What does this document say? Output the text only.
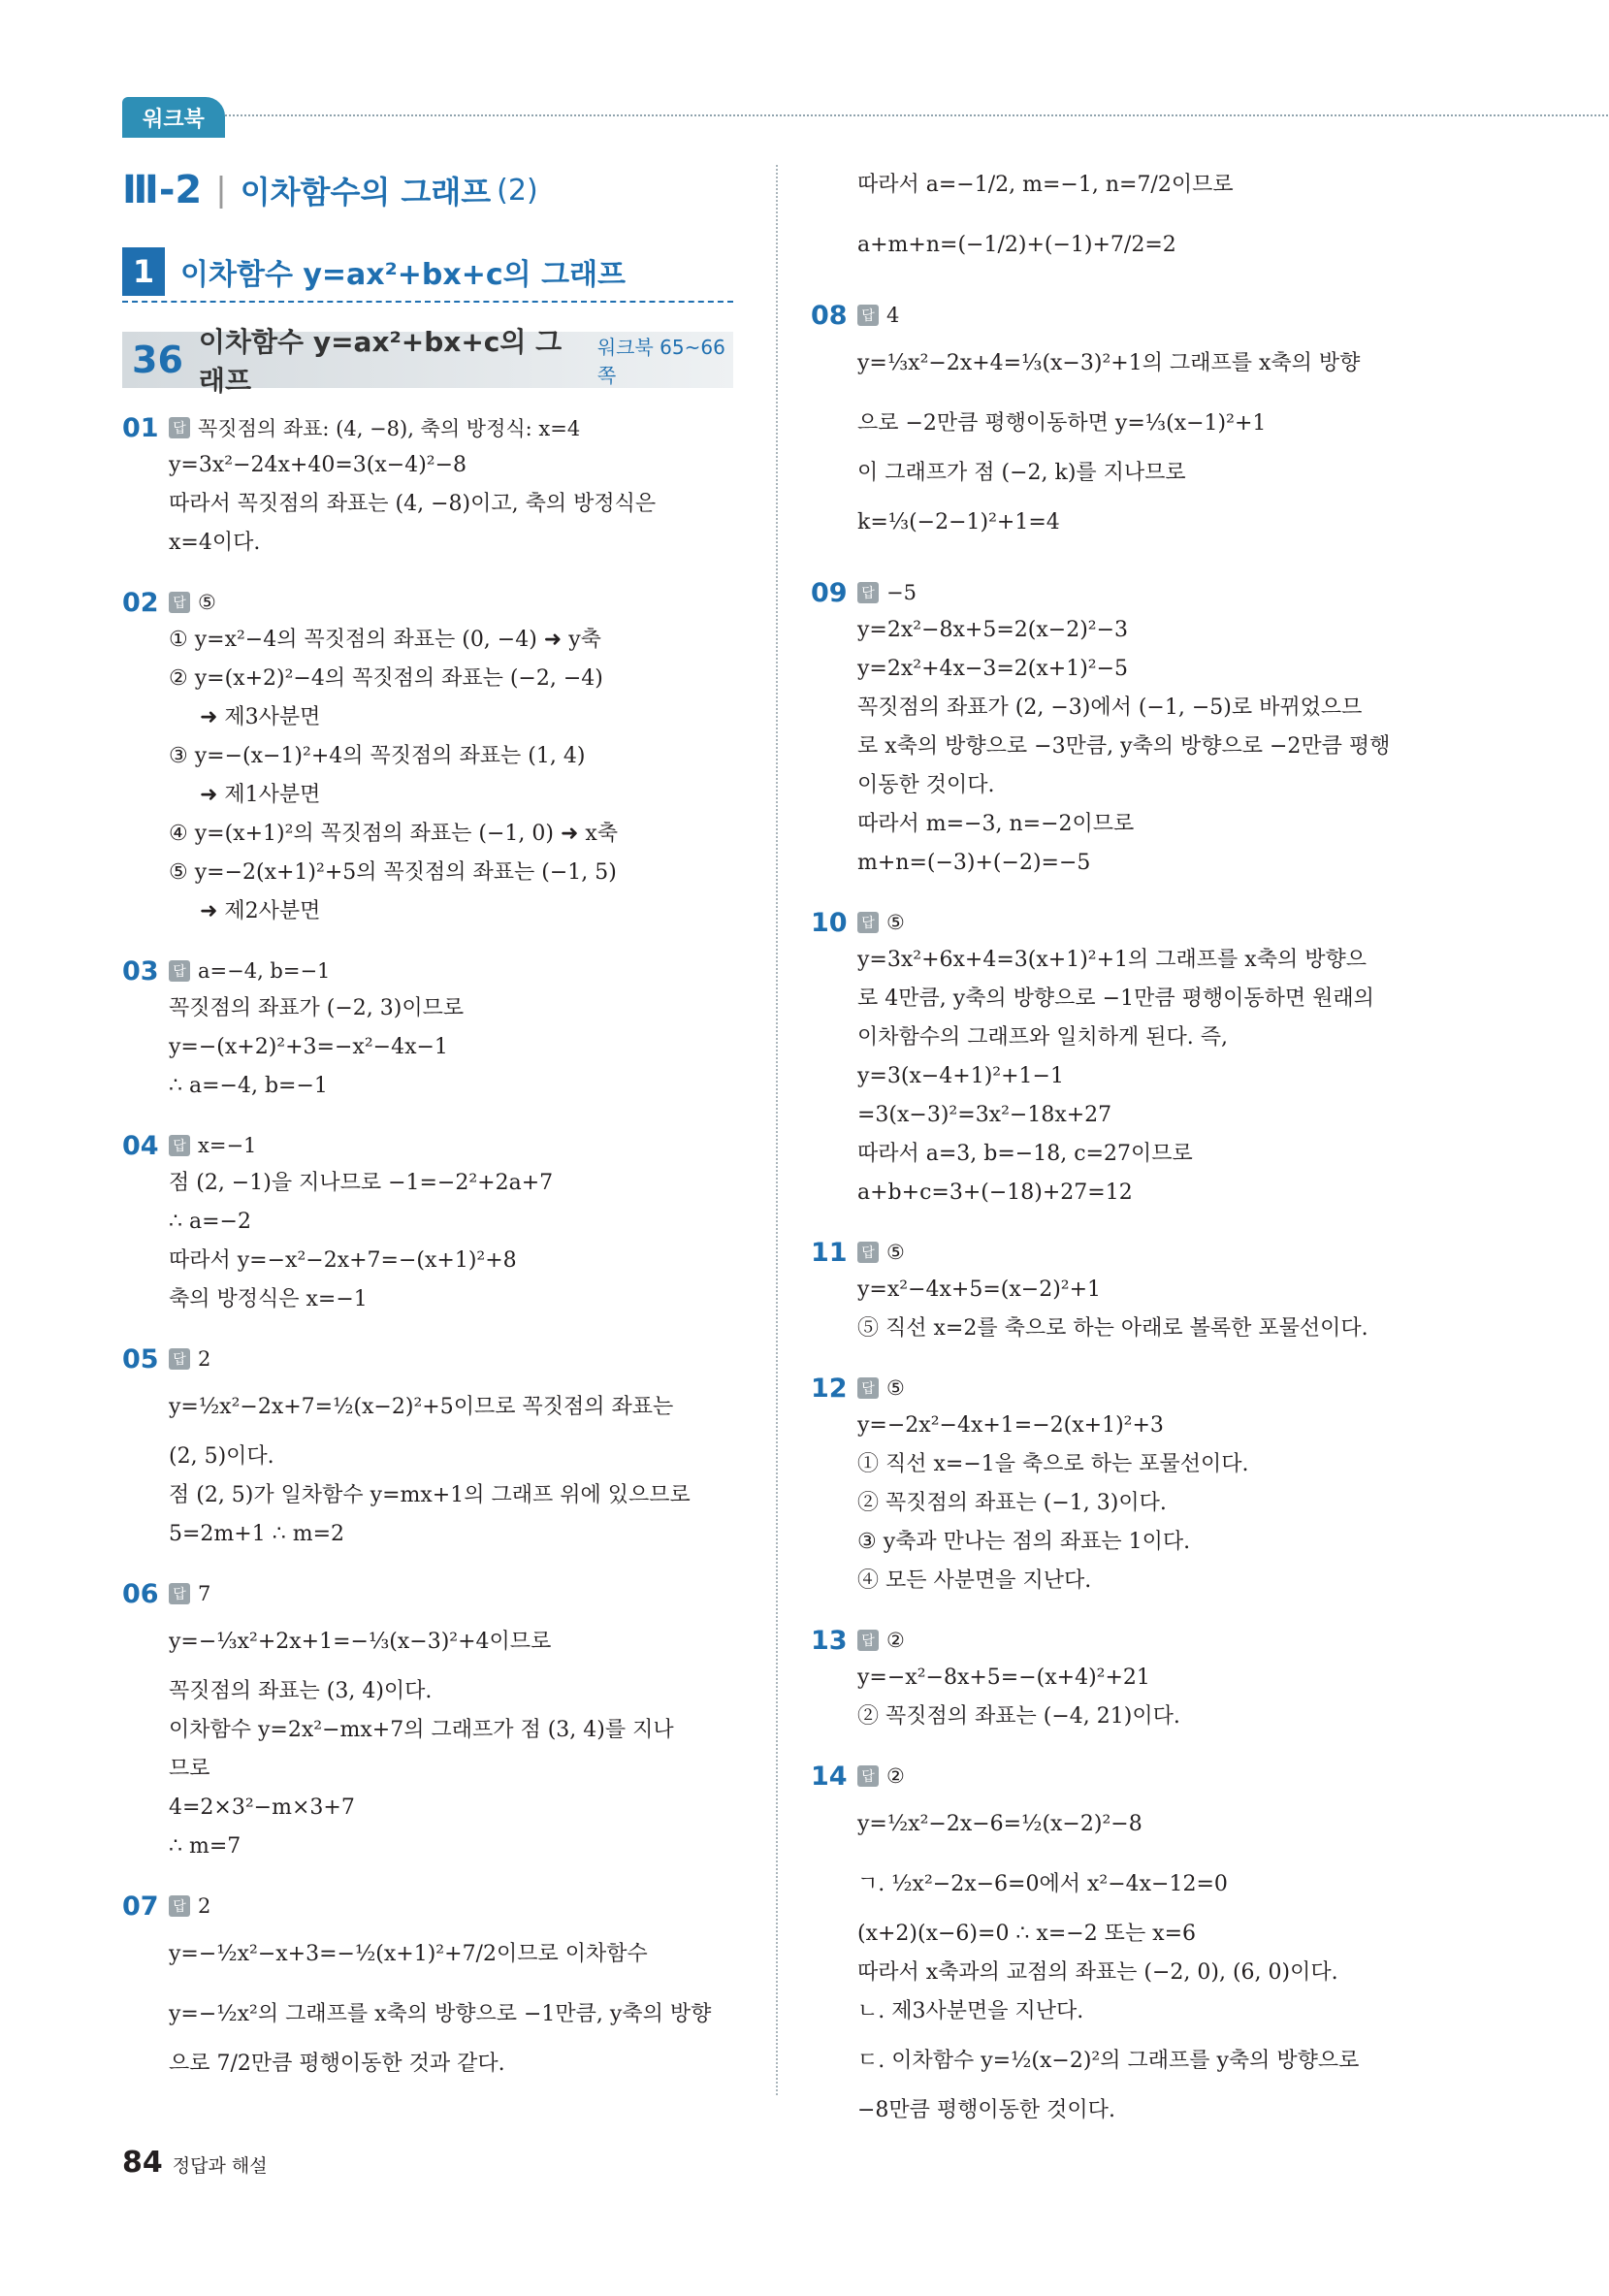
워크북
Ⅲ-2 | 이차함수의 그래프 (2)
1 이차함수 y=ax²+bx+c의 그래프
36 이차함수 y=ax²+bx+c의 그래프
워크북 65~66쪽
01	답 꼭짓점의 좌표: (4, −8), 축의 방정식: x=4
y=3x²−24x+40=3(x−4)²−8
따라서 꼭짓점의 좌표는 (4, −8)이고, 축의 방정식은
x=4이다.
02	답 ⑤
① y=x²−4의 꼭짓점의 좌표는 (0, −4) ➜ y축
② y=(x+2)²−4의 꼭짓점의 좌표는 (−2, −4)
➜ 제3사분면
③ y=−(x−1)²+4의 꼭짓점의 좌표는 (1, 4)
➜ 제1사분면
④ y=(x+1)²의 꼭짓점의 좌표는 (−1, 0) ➜ x축
⑤ y=−2(x+1)²+5의 꼭짓점의 좌표는 (−1, 5)
➜ 제2사분면
03	답 a=−4, b=−1
꼭짓점의 좌표가 (−2, 3)이므로
y=−(x+2)²+3=−x²−4x−1
∴ a=−4, b=−1
04	답 x=−1
점 (2, −1)을 지나므로 −1=−2²+2a+7
∴ a=−2
따라서 y=−x²−2x+7=−(x+1)²+8
축의 방정식은 x=−1
05	답 2
y=½x²−2x+7=½(x−2)²+5이므로 꼭짓점의 좌표는
(2, 5)이다.
점 (2, 5)가 일차함수 y=mx+1의 그래프 위에 있으므로
5=2m+1 ∴ m=2
06	답 7
y=−⅓x²+2x+1=−⅓(x−3)²+4이므로
꼭짓점의 좌표는 (3, 4)이다.
이차함수 y=2x²−mx+7의 그래프가 점 (3, 4)를 지나
므로
4=2×3²−m×3+7
∴ m=7
07	답 2
y=−½x²−x+3=−½(x+1)²+7/2이므로 이차함수
y=−½x²의 그래프를 x축의 방향으로 −1만큼, y축의 방향
으로 7/2만큼 평행이동한 것과 같다.
따라서 a=−1/2, m=−1, n=7/2이므로
a+m+n=(−1/2)+(−1)+7/2=2
08	답 4
y=⅓x²−2x+4=⅓(x−3)²+1의 그래프를 x축의 방향
으로 −2만큼 평행이동하면 y=⅓(x−1)²+1
이 그래프가 점 (−2, k)를 지나므로
k=⅓(−2−1)²+1=4
09	답 −5
y=2x²−8x+5=2(x−2)²−3
y=2x²+4x−3=2(x+1)²−5
꼭짓점의 좌표가 (2, −3)에서 (−1, −5)로 바뀌었으므
로 x축의 방향으로 −3만큼, y축의 방향으로 −2만큼 평행
이동한 것이다.
따라서 m=−3, n=−2이므로
m+n=(−3)+(−2)=−5
10	답 ⑤
y=3x²+6x+4=3(x+1)²+1의 그래프를 x축의 방향으
로 4만큼, y축의 방향으로 −1만큼 평행이동하면 원래의
이차함수의 그래프와 일치하게 된다. 즉,
y=3(x−4+1)²+1−1
=3(x−3)²=3x²−18x+27
따라서 a=3, b=−18, c=27이므로
a+b+c=3+(−18)+27=12
11	답 ⑤
y=x²−4x+5=(x−2)²+1
⑤ 직선 x=2를 축으로 하는 아래로 볼록한 포물선이다.
12	답 ⑤
y=−2x²−4x+1=−2(x+1)²+3
① 직선 x=−1을 축으로 하는 포물선이다.
② 꼭짓점의 좌표는 (−1, 3)이다.
③ y축과 만나는 점의 좌표는 1이다.
④ 모든 사분면을 지난다.
13	답 ②
y=−x²−8x+5=−(x+4)²+21
② 꼭짓점의 좌표는 (−4, 21)이다.
14	답 ②
y=½x²−2x−6=½(x−2)²−8
ㄱ. ½x²−2x−6=0에서 x²−4x−12=0
(x+2)(x−6)=0 ∴ x=−2 또는 x=6
따라서 x축과의 교점의 좌표는 (−2, 0), (6, 0)이다.
ㄴ. 제3사분면을 지난다.
ㄷ. 이차함수 y=½(x−2)²의 그래프를 y축의 방향으로
−8만큼 평행이동한 것이다.
84 정답과 해설
